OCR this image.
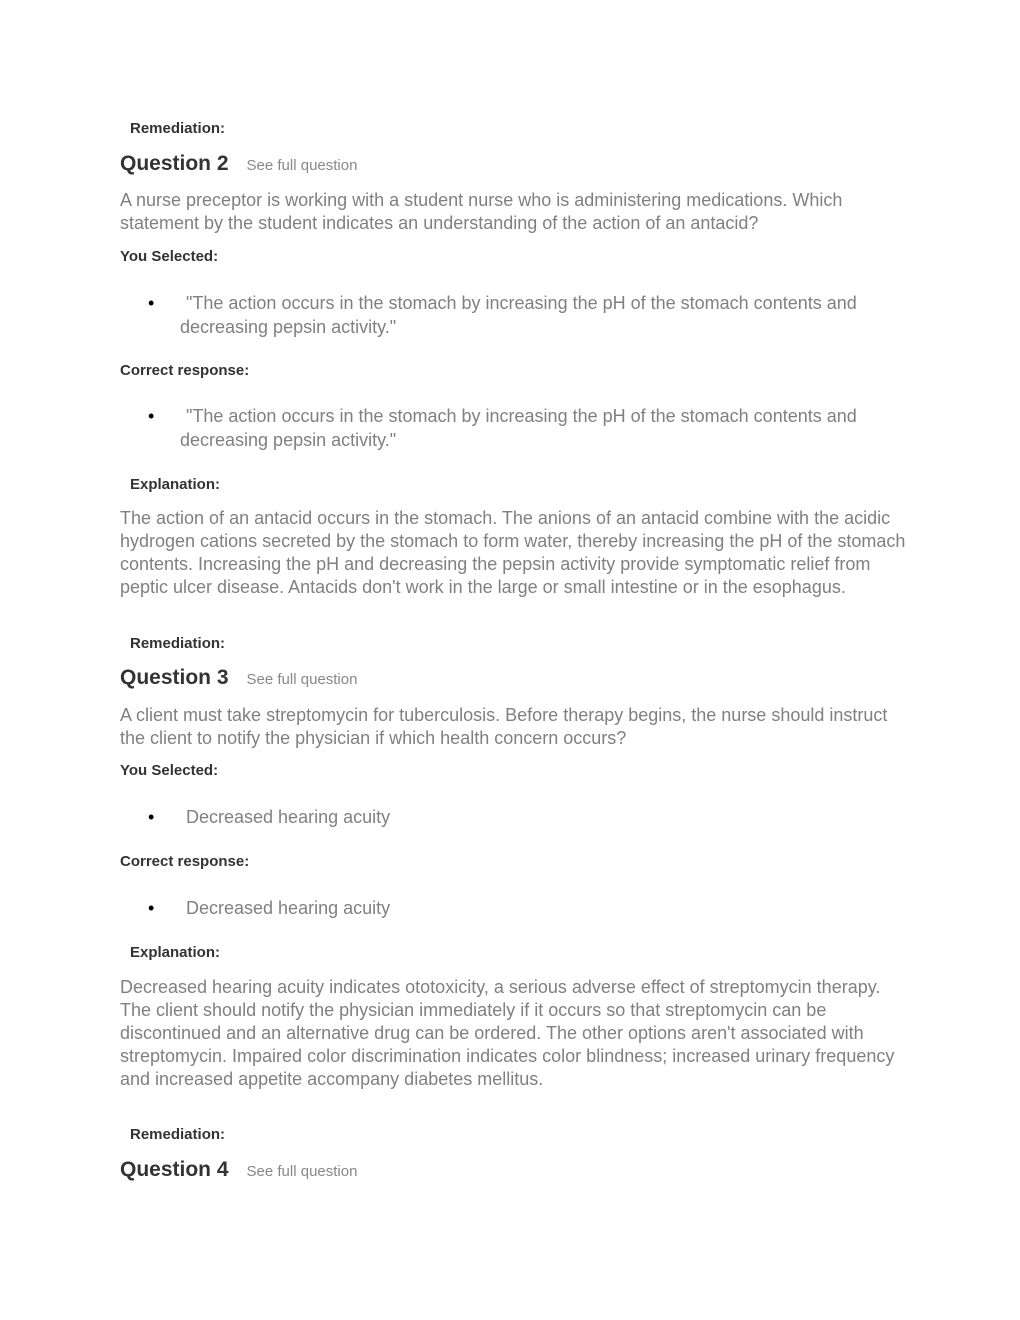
Remediation:
Question 2 See full question
A nurse preceptor is working with a student nurse who is administering medications. Which statement by the student indicates an understanding of the action of an antacid?
You Selected:
•	"The action occurs in the stomach by increasing the pH of the stomach contents and decreasing pepsin activity."
Correct response:
•	"The action occurs in the stomach by increasing the pH of the stomach contents and decreasing pepsin activity."
Explanation:
The action of an antacid occurs in the stomach. The anions of an antacid combine with the acidic hydrogen cations secreted by the stomach to form water, thereby increasing the pH of the stomach contents. Increasing the pH and decreasing the pepsin activity provide symptomatic relief from peptic ulcer disease. Antacids don't work in the large or small intestine or in the esophagus.
Remediation:
Question 3 See full question
A client must take streptomycin for tuberculosis. Before therapy begins, the nurse should instruct the client to notify the physician if which health concern occurs?
You Selected:
•	Decreased hearing acuity
Correct response:
•	Decreased hearing acuity
Explanation:
Decreased hearing acuity indicates ototoxicity, a serious adverse effect of streptomycin therapy. The client should notify the physician immediately if it occurs so that streptomycin can be discontinued and an alternative drug can be ordered. The other options aren't associated with streptomycin. Impaired color discrimination indicates color blindness; increased urinary frequency and increased appetite accompany diabetes mellitus.
Remediation:
Question 4 See full question
